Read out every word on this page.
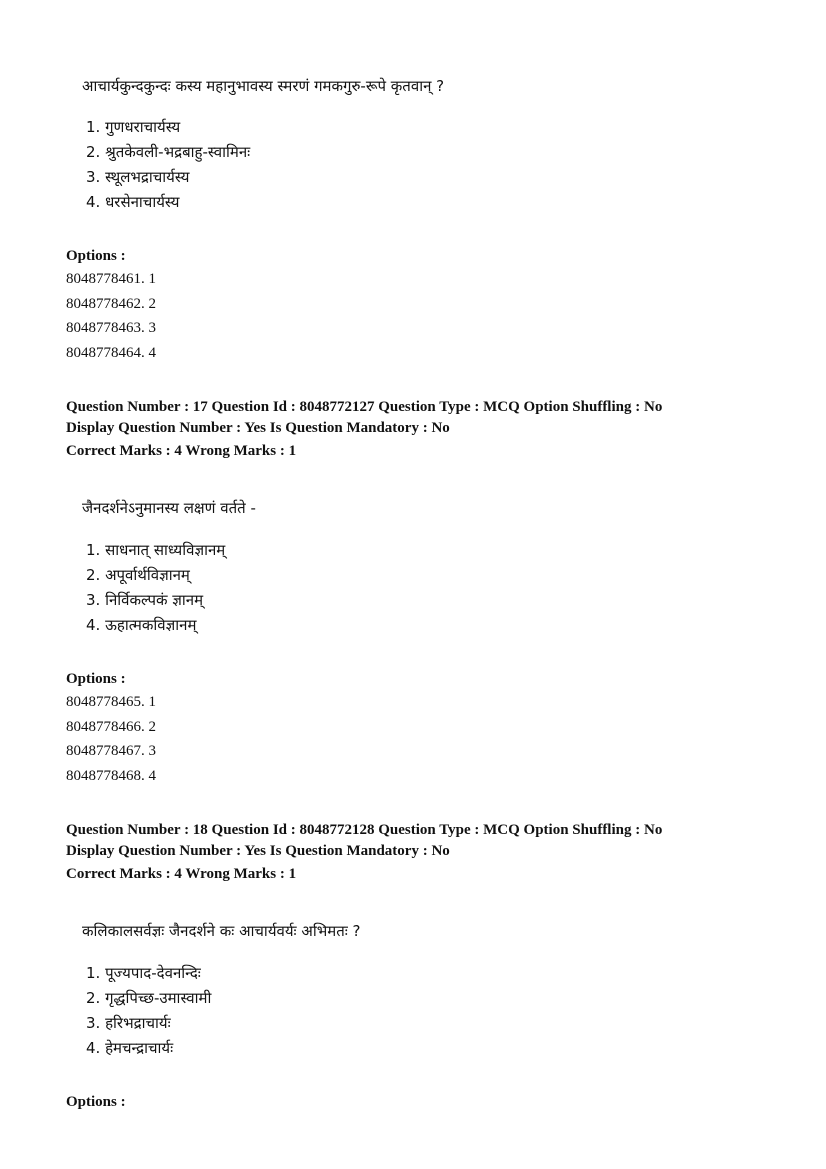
आचार्यकुन्दकुन्दः कस्य महानुभावस्य स्मरणं गमकगुरु-रूपे कृतवान् ?

1. गुणधराचार्यस्य
2. श्रुतकेवली-भद्रबाहु-स्वामिनः
3. स्थूलभद्राचार्यस्य
4. धरसेनाचार्यस्य

Options :

8048778461. 1
8048778462. 2
8048778463. 3
8048778464. 4
Question Number : 17 Question Id : 8048772127 Question Type : MCQ Option Shuffling : No
Display Question Number : Yes Is Question Mandatory : No
Correct Marks : 4 Wrong Marks : 1

जैनदर्शनेऽनुमानस्य लक्षणं वर्तते -

1. साधनात् साध्यविज्ञानम्
2. अपूर्वार्थविज्ञानम्
3. निर्विकल्पकं ज्ञानम्
4. ऊहात्मकविज्ञानम्

Options :

8048778465. 1
8048778466. 2
8048778467. 3
8048778468. 4
Question Number : 18 Question Id : 8048772128 Question Type : MCQ Option Shuffling : No
Display Question Number : Yes Is Question Mandatory : No
Correct Marks : 4 Wrong Marks : 1

कलिकालसर्वज्ञः जैनदर्शने कः आचार्यवर्यः अभिमतः ?

1. पूज्यपाद-देवनन्दिः
2. गृद्धपिच्छ-उमास्वामी
3. हरिभद्राचार्यः
4. हेमचन्द्राचार्यः

Options :
